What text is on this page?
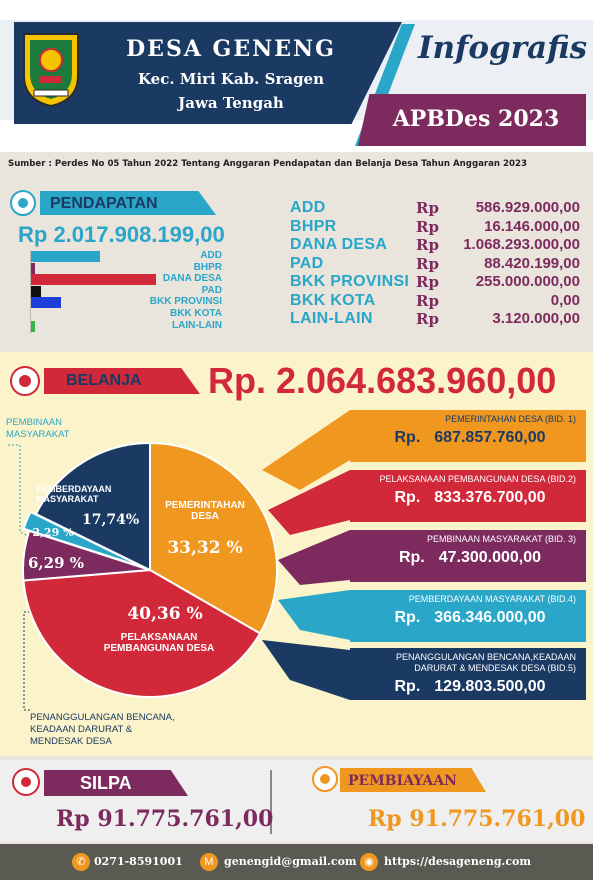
DESA GENENG
Kec. Miri Kab. Sragen
Jawa Tengah
Infografis
APBDes 2023
Sumber : Perdes No 05 Tahun 2022 Tentang Anggaran Pendapatan dan Belanja Desa Tahun Anggaran 2023
PENDAPATAN
Rp 2.017.908.199,00
ADD
BHPR
DANA DESA
PAD
BKK PROVINSI
BKK KOTA
LAIN-LAIN
ADD	Rp	586.929.000,00
BHPR	Rp	16.146.000,00
DANA DESA Rp	1.068.293.000,00
PAD	Rp	88.420.199,00
BKK PROVINSI Rp	255.000.000,00
BKK KOTA	Rp	0,00
LAIN-LAIN	Rp	3.120.000,00
BELANJA Rp. 2.064.683.960,00
PEMERINTAHAN
DESA
33,32 %
40,36 %
PELAKSANAAN
PEMBANGUNAN DESA
6,29 %
2,29 %
PEMBERDAYAAN
MASYARAKAT
17,74%
PEMBINAAN
MASYARAKAT
PENANGGULANGAN BENCANA,
KEADAAN DARURAT &
MENDESAK DESA
PEMERINTAHAN DESA (BID. 1)
Rp. 687.857.760,00
PELAKSANAAN PEMBANGUNAN DESA (BID.2)
Rp. 833.376.700,00
PEMBINAAN MASYARAKAT (BID. 3)
Rp. 47.300.000,00
PEMBERDAYAAN MASYARAKAT (BID.4)
Rp. 366.346.000,00
PENANGGULANGAN BENCANA,KEADAAN DARURAT & MENDESAK DESA (BID.5)
Rp. 129.803.500,00
SILPA
Rp 91.775.761,00
PEMBIAYAAN
Rp 91.775.761,00
✆ 0271-8591001	M genengid@gmail.com ◉ https://desageneng.com
